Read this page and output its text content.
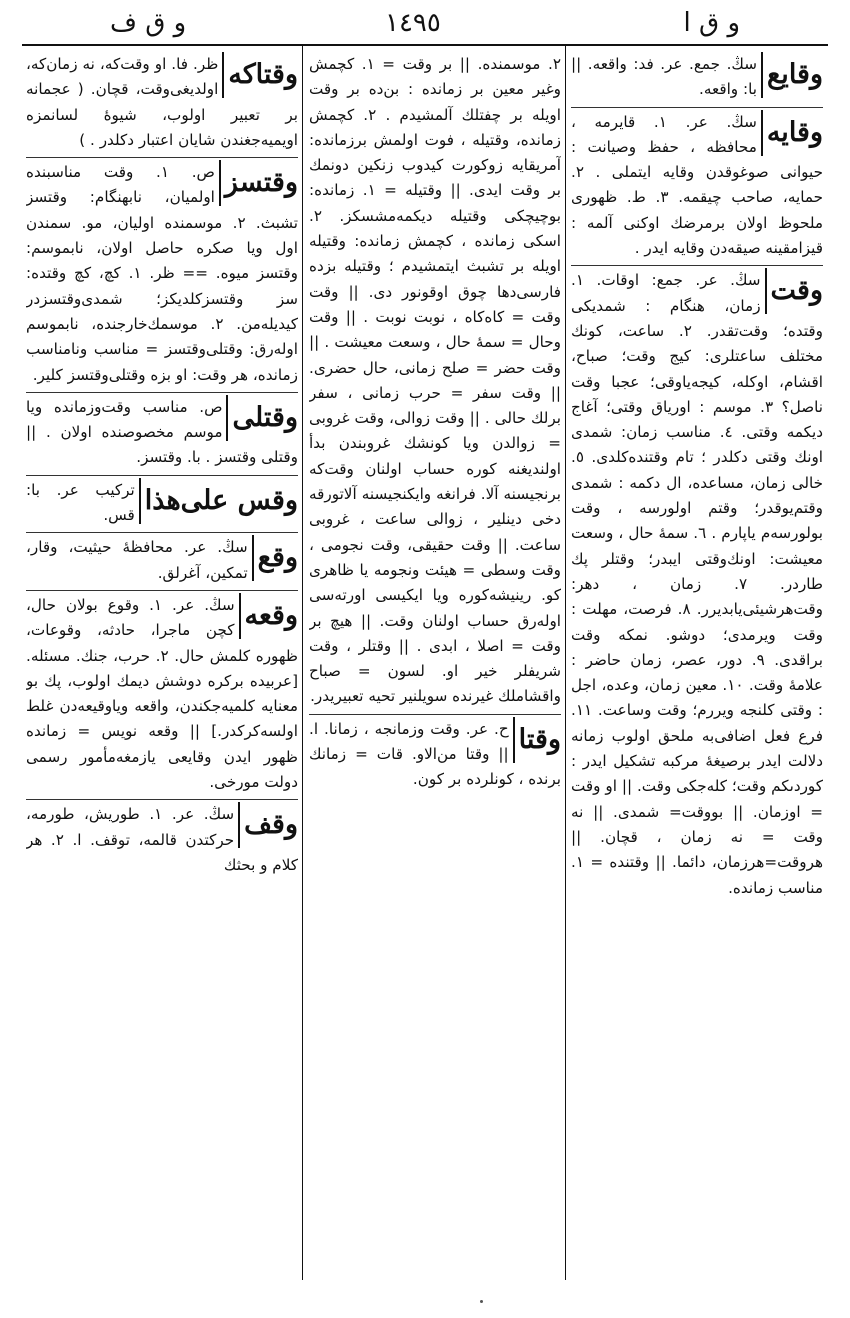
و ق ا
١٤٩٥
و ق ف
وقايع
سڭ. جمع. عر. فد: واقعه. || با: واقعه.
وقايه
سڭ. عر. ١. قايرمه ، محافظه ، حفظ وصيانت : حيوانى صوغوقدن وقايه ايتملى . ٢. حمايه، صاحب چيقمه. ٣. ط. ظهورى ملحوظ اولان برمرضك اوكنى آلمه : قيزامقينه صيقه‌دن وقايه ايدر .
وقت
سڭ. عر. جمع: اوقات. ١. زمان، هنگام : شمديكى وقتده؛ وقت‌تقدر. ٢. ساعت، كونك مختلف ساعتلرى: كيج وقت؛ صباح، اقشام، اوكله، كيجه‌ياوقى؛ عجبا وقت ناصل؟ ٣. موسم : اورياق وقتى؛ آغاج ديكمه وقتى. ٤. مناسب زمان: شمدى اونك وقتى دكلدر ؛ تام وقتنده‌كلدى. ٥. خالى زمان، مساعده، ال دكمه : شمدى وقتم‌يوقدر؛ وقتم اولورسه ، وقت بولورسه‌م ياپارم . ٦. سمۀ حال ، وسعت معيشت: اونك‌وقتى ايبدر؛ وقتلر پك طاردر. ٧. زمان ، دهر: وقت‌هرشيئى‌يابديرر. ٨. فرصت، مهلت : وقت ويرمدى؛ دوشو. نمكه وقت براقدى. ٩. دور، عصر، زمان حاضر : علامۀ وقت. ١٠. معين زمان، وعده، اجل : وقتى كلنجه ويررم؛ وقت وساعت. ١١. فرع فعل اضافى‌به ملحق اولوب زمانه دلالت ايدر برصيغۀ مركبه تشكيل ايدر : كوردىكم وقت؛ كله‌جكى وقت. || او وقت = اوزمان. || بووقت= شمدى. || نه وقت = نه زمان ، قچان. || هروقت=هرزمان، دائما. || وقتنده = ١. مناسب زمانده.
٢. موسمنده. || بر وقت = ١. كچمش وغير معين بر زمانده : بن‌ده بر وقت اويله بر چفتلك آلمشيدم . ٢. كچمش زمانده، وقتيله ، فوت اولمش برزمانده: آمريقايه زوكورت كيدوب زنكين دونمك بر وقت ايدى. || وقتيله = ١. زمانده: بوچيچكى وقتيله ديكمه‌مشسكز. ٢. اسكى زمانده ، كچمش زمانده: وقتيله اويله بر تشبث ايتمشيدم ؛ وقتيله بزده فارسى‌دها چوق اوقونور دى. || وقت وقت = كاه‌كاه ، نوبت نوبت . || وقت وحال = سمۀ حال ، وسعت معيشت . || وقت حضر = صلح زمانى، حال حضرى. || وقت سفر = حرب زمانى ، سفر برلك حالى . || وقت زوالى، وقت غروبى = زوالدن ويا كونشك غروبندن بدأ اولنديغنه كوره حساب اولنان وقت‌كه برنجيسنه آلا. فرانغه وايكنجيسنه آلاتورقه دخى دينلير ، زوالى ساعت ، غروبى ساعت. || وقت حقيقى، وقت نجومى ، وقت وسطى = هيئت ونجومه يا ظاهرى كو. رينيشه‌كوره ويا ايكيسى اورته‌سى اوله‌رق حساب اولنان وقت. || هيچ بر وقت = اصلا ، ابدى . || وقتلر ، وقت شريفلر خير او. لسون = صباح واقشاملك غيرنده سويلنير تحيه تعبيريدر.
وقتا
ح. عر. وقت وزمانجه ، زمانا. ا. || وقتا من‌الاو. قات = زمانك برنده ، كونلرده بر كون.
وقتاكه
ظر. فا. او وقت‌كه، نه زمان‌كه، اولديغى‌وقت، قچان. ( عجمانه بر تعبير اولوب، شيوۀ لسانمزه اويميه‌جغندن شايان اعتبار دكلدر . )
وقتسز
ص. ١. وقت مناسبنده اولميان، نابهنگام: وقتسز تشبث. ٢. موسمنده اوليان، مو. سمندن اول ويا صكره حاصل اولان، نابموسم: وقتسز ميوه. == ظر. ١. كچ، كچ وقتده: سز وقتسزكلديكز؛ شمدى‌وقتسزدر كيديله‌من. ٢. موسمك‌خارجنده، نابموسم اوله‌رق: وقتلى‌وقتسز = مناسب ونامناسب زمانده، هر وقت: او بزه وقتلى‌وقتسز كلير.
وقتلى
ص. مناسب وقت‌وزمانده ويا موسم مخصوصنده اولان . || وقتلى وقتسز . با. وقتسز.
وقس على‌هذا
تركيب عر. با: قس.
وقع
سڭ. عر. محافظۀ حيثيت، وقار، تمكين، آغرلق.
وقعه
سڭ. عر. ١. وقوع بولان حال، كچن ماجرا، حادثه، وقوعات، ظهوره كلمش حال. ٢. حرب، جنك. مسئله. [عربيده بركره دوشش ديمك اولوب، پك بو معنايه كلميه‌جكندن، واقعه وياوقيعه‌دن غلط اولسه‌كركدر.] || وقعه نويس = زمانده ظهور ايدن وقايعى يازمغه‌مأمور رسمى دولت مورخى.
وقف
سڭ. عر. ١. طوريش، طورمه، حركتدن قالمه، توقف. ا. ٢. هر كلام و بحثك
